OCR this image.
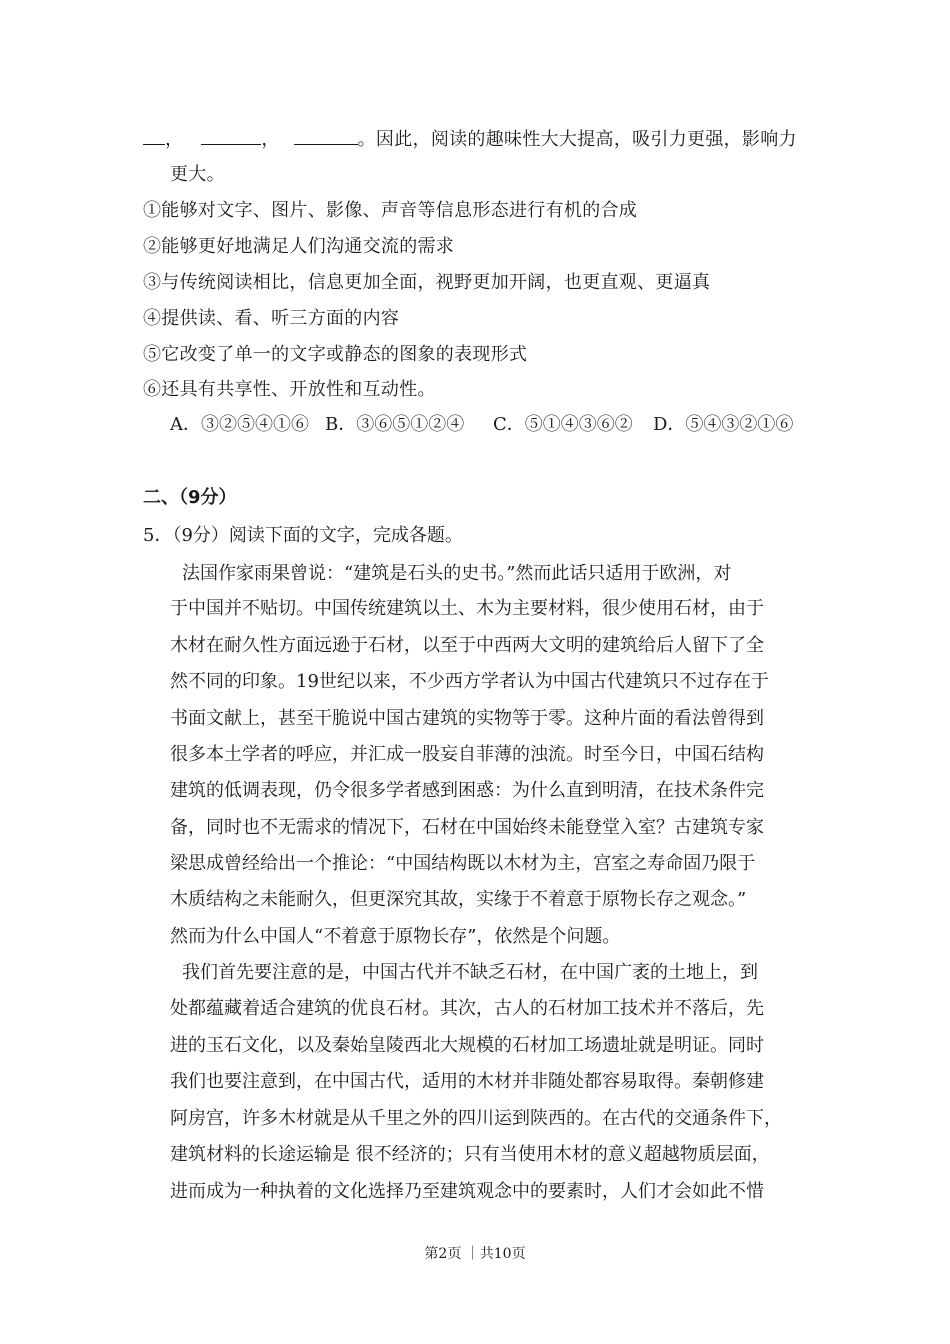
，	，	。因此，阅读的趣味性大大提高，吸引力更强，影响力
更大。
①能够对文字、图片、影像、声音等信息形态进行有机的合成
②能够更好地满足人们沟通交流的需求
③与传统阅读相比，信息更加全面，视野更加开阔，也更直观、更逼真
④提供读、看、听三方面的内容
⑤它改变了单一的文字或静态的图象的表现形式
⑥还具有共享性、开放性和互动性。
A．③②⑤④①⑥ B．③⑥⑤①②④	C．⑤①④③⑥②	D．⑤④③②①⑥
二、（9分）
5．（9分）阅读下面的文字，完成各题。
法国作家雨果曾说：“建筑是石头的史书。”然而此话只适用于欧洲，对
于中国并不贴切。中国传统建筑以土、木为主要材料，很少使用石材，由于
木材在耐久性方面远逊于石材，以至于中西两大文明的建筑给后人留下了全
然不同的印象。19世纪以来，不少西方学者认为中国古代建筑只不过存在于
书面文献上，甚至干脆说中国古建筑的实物等于零。这种片面的看法曾得到
很多本土学者的呼应，并汇成一股妄自菲薄的浊流。时至今日，中国石结构
建筑的低调表现，仍令很多学者感到困惑：为什么直到明清，在技术条件完
备，同时也不无需求的情况下，石材在中国始终未能登堂入室？古建筑专家
梁思成曾经给出一个推论：“中国结构既以木材为主，宫室之寿命固乃限于
木质结构之未能耐久，但更深究其故，实缘于不着意于原物长存之观念。”
然而为什么中国人“不着意于原物长存”，依然是个问题。
我们首先要注意的是，中国古代并不缺乏石材，在中国广袤的土地上，到
处都蕴藏着适合建筑的优良石材。其次，古人的石材加工技术并不落后，先
进的玉石文化，以及秦始皇陵西北大规模的石材加工场遗址就是明证。同时
我们也要注意到，在中国古代，适用的木材并非随处都容易取得。秦朝修建
阿房宫，许多木材就是从千里之外的四川运到陕西的。在古代的交通条件下，
建筑材料的长途运输是 很不经济的；只有当使用木材的意义超越物质层面，
进而成为一种执着的文化选择乃至建筑观念中的要素时，人们才会如此不惜
第2页 ｜共10页
